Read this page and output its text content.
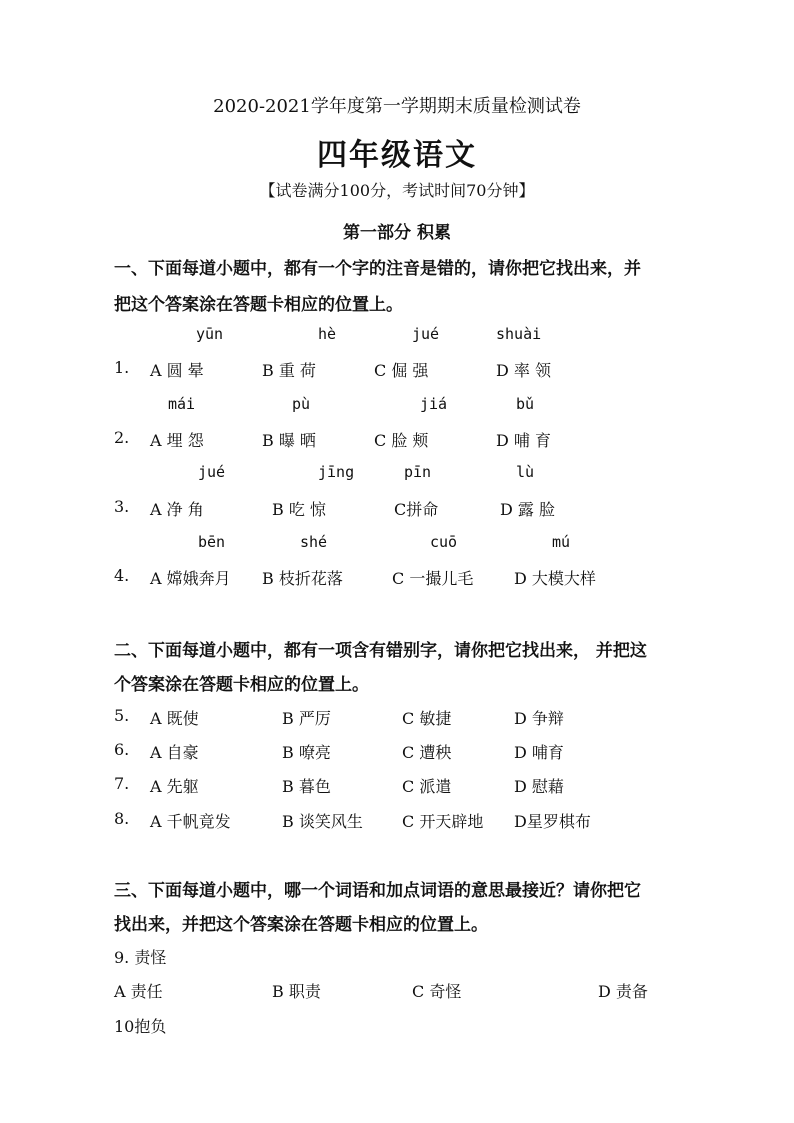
2020-2021学年度第一学期期末质量检测试卷
四年级语文
【试卷满分100分，考试时间70分钟】
第一部分 积累
一、下面每道小题中，都有一个字的注音是错的，请你把它找出来，并
把这个答案涂在答题卡相应的位置上。
yūn	hè	jué	shuài
1. A 圆 晕	B 重 荷	C 倔 强	D 率 领
mái	pù	jiá	bǔ
2. A 埋 怨	B 曝 晒	C 脸 颊	D 哺 育
jué	jīng	pīn	lù
3. A 净 角	B 吃 惊	C拼命	D 露 脸
bēn	shé	cuō	mú
4. A 嫦娥奔月 B 枝折花落	C 一撮儿毛	D 大模大样
二、下面每道小题中，都有一项含有错别字，请你把它找出来， 并把这
个答案涂在答题卡相应的位置上。
5. A 既使	B 严厉	C 敏捷	D 争辩
6. A 自豪	B 嘹亮	C 遭秧	D 哺育
7. A 先躯	B 暮色	C 派遣	D 慰藉
8. A 千帆竟发	B 谈笑风生 C 开天辟地 D星罗棋布
三、下面每道小题中，哪一个词语和加点词语的意思最接近？请你把它
找出来，并把这个答案涂在答题卡相应的位置上。
9. 责怪
A 责任	B 职责	C 奇怪	D 责备
10抱负
